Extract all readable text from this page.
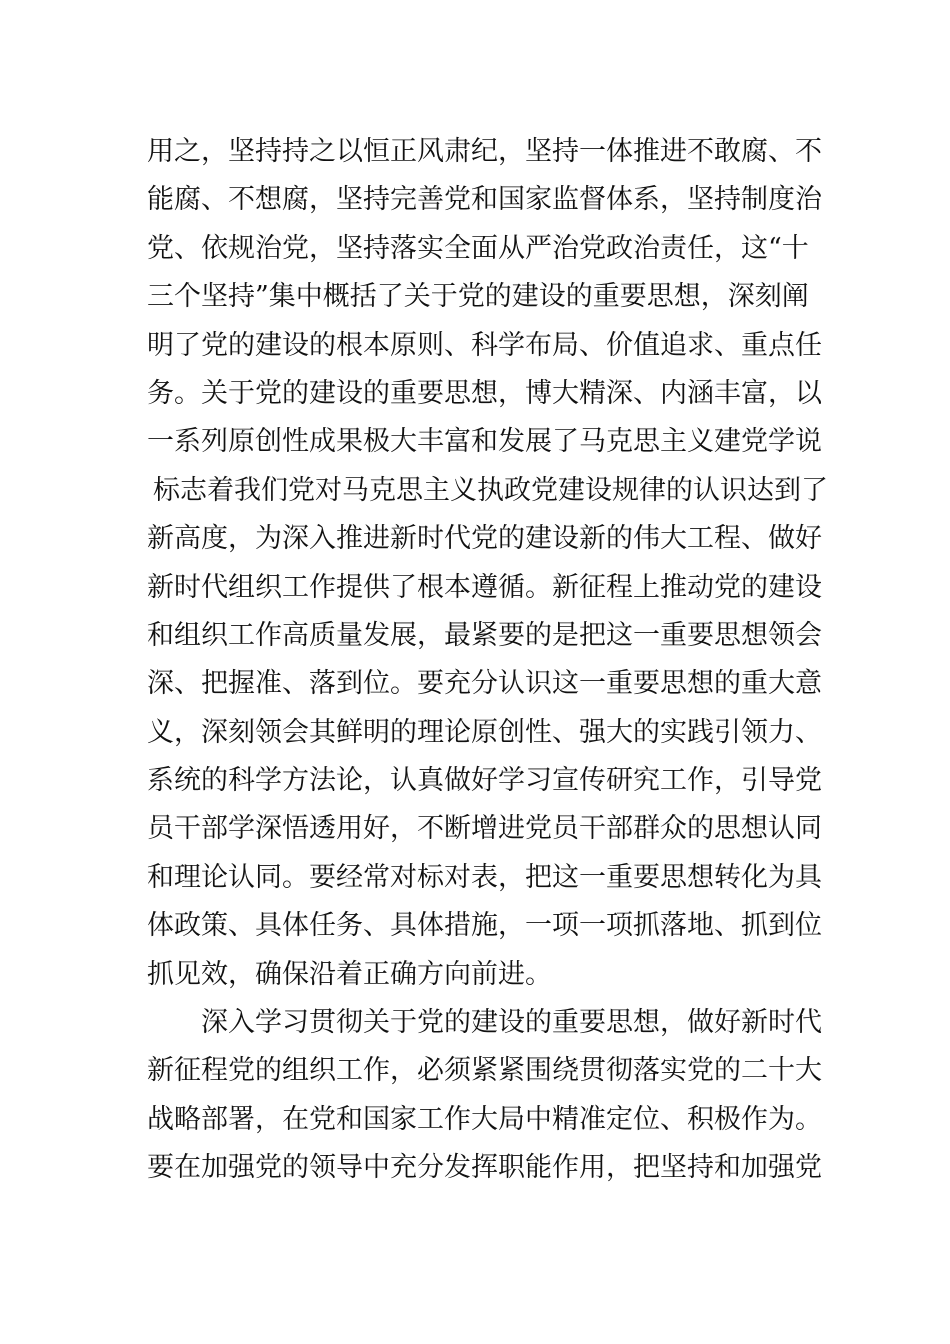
用之，坚持持之以恒正风肃纪，坚持一体推进不敢腐、不
能腐、不想腐，坚持完善党和国家监督体系，坚持制度治
党、依规治党，坚持落实全面从严治党政治责任，这“十
三个坚持”集中概括了关于党的建设的重要思想，深刻阐
明了党的建设的根本原则、科学布局、价值追求、重点任
务。关于党的建设的重要思想，博大精深、内涵丰富，以
一系列原创性成果极大丰富和发展了马克思主义建党学说
标志着我们党对马克思主义执政党建设规律的认识达到了
新高度，为深入推进新时代党的建设新的伟大工程、做好
新时代组织工作提供了根本遵循。新征程上推动党的建设
和组织工作高质量发展，最紧要的是把这一重要思想领会
深、把握准、落到位。要充分认识这一重要思想的重大意
义，深刻领会其鲜明的理论原创性、强大的实践引领力、
系统的科学方法论，认真做好学习宣传研究工作，引导党
员干部学深悟透用好，不断增进党员干部群众的思想认同
和理论认同。要经常对标对表，把这一重要思想转化为具
体政策、具体任务、具体措施，一项一项抓落地、抓到位
抓见效，确保沿着正确方向前进。
深入学习贯彻关于党的建设的重要思想，做好新时代
新征程党的组织工作，必须紧紧围绕贯彻落实党的二十大
战略部署，在党和国家工作大局中精准定位、积极作为。
要在加强党的领导中充分发挥职能作用，把坚持和加强党
